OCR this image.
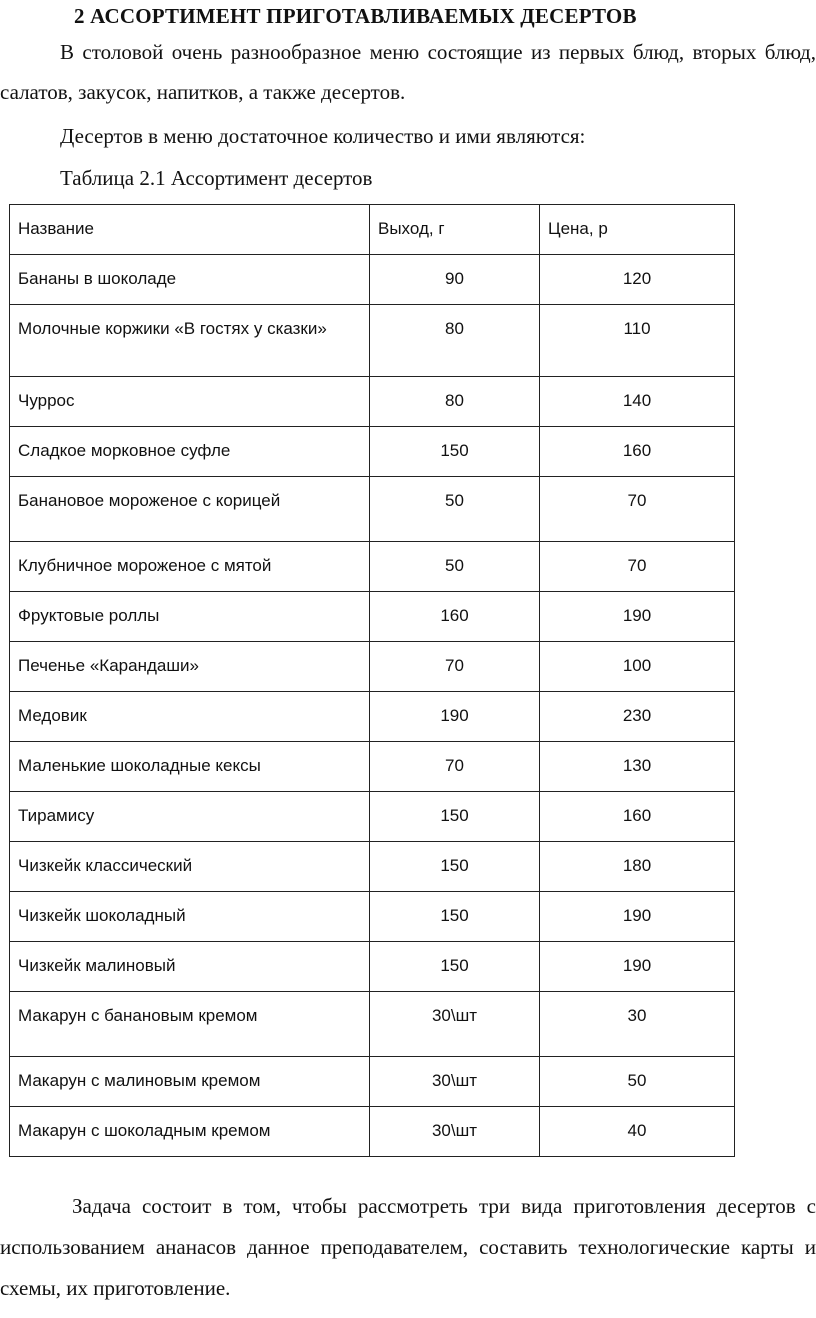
2 АССОРТИМЕНТ ПРИГОТАВЛИВАЕМЫХ ДЕСЕРТОВ
В столовой очень разнообразное меню состоящие из первых блюд, вторых блюд, салатов, закусок, напитков, а также десертов.
Десертов в меню достаточное количество и ими являются:
Таблица 2.1 Ассортимент десертов
Название	Выход, г	Цена, р
Бананы в шоколаде	90	120
Молочные коржики «В гостях у сказки»	80	110
Чуррос	80	140
Сладкое морковное суфле	150	160
Банановое мороженое с корицей	50	70
Клубничное мороженое с мятой	50	70
Фруктовые роллы	160	190
Печенье «Карандаши»	70	100
Медовик	190	230
Маленькие шоколадные кексы	70	130
Тирамису	150	160
Чизкейк классический	150	180
Чизкейк шоколадный	150	190
Чизкейк малиновый	150	190
Макарун с банановым кремом	30\шт	30
Макарун с малиновым кремом	30\шт	50
Макарун с шоколадным кремом	30\шт	40
Задача состоит в том, чтобы рассмотреть три вида приготовления десертов с использованием ананасов данное преподавателем, составить технологические карты и схемы, их приготовление.
